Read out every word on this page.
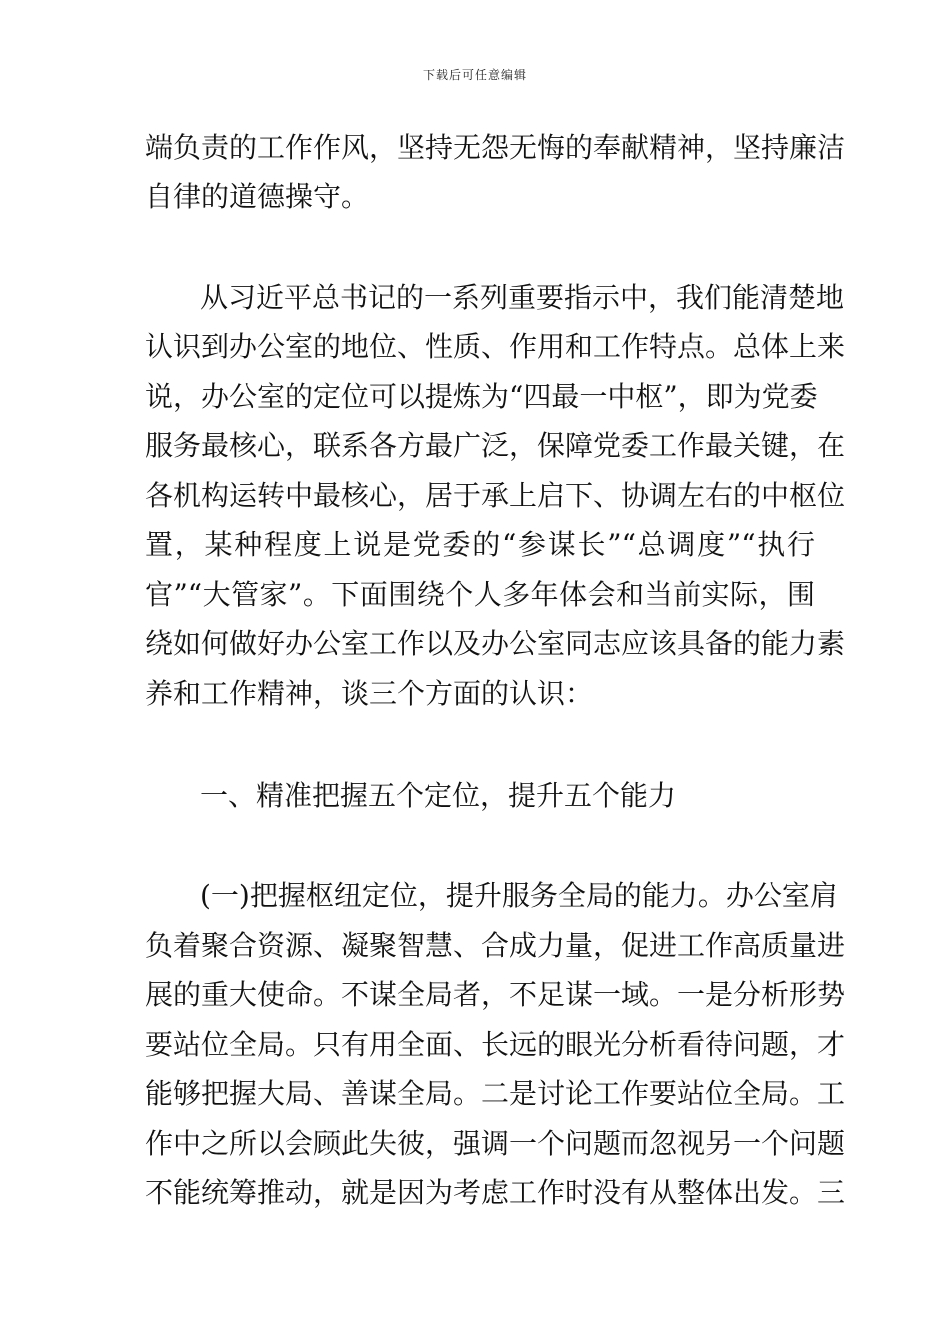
下载后可任意编辑
端负责的工作作风，坚持无怨无悔的奉献精神，坚持廉洁
自律的道德操守。
从习近平总书记的一系列重要指示中，我们能清楚地
认识到办公室的地位、性质、作用和工作特点。总体上来
说，办公室的定位可以提炼为“四最一中枢”，即为党委
服务最核心，联系各方最广泛，保障党委工作最关键，在
各机构运转中最核心，居于承上启下、协调左右的中枢位
置，某种程度上说是党委的“参谋长”“总调度”“执行
官”“大管家”。下面围绕个人多年体会和当前实际，围
绕如何做好办公室工作以及办公室同志应该具备的能力素
养和工作精神，谈三个方面的认识：
一、精准把握五个定位，提升五个能力
(一)把握枢纽定位，提升服务全局的能力。办公室肩
负着聚合资源、凝聚智慧、合成力量，促进工作高质量进
展的重大使命。不谋全局者，不足谋一域。一是分析形势
要站位全局。只有用全面、长远的眼光分析看待问题，才
能够把握大局、善谋全局。二是讨论工作要站位全局。工
作中之所以会顾此失彼，强调一个问题而忽视另一个问题
不能统筹推动，就是因为考虑工作时没有从整体出发。三
